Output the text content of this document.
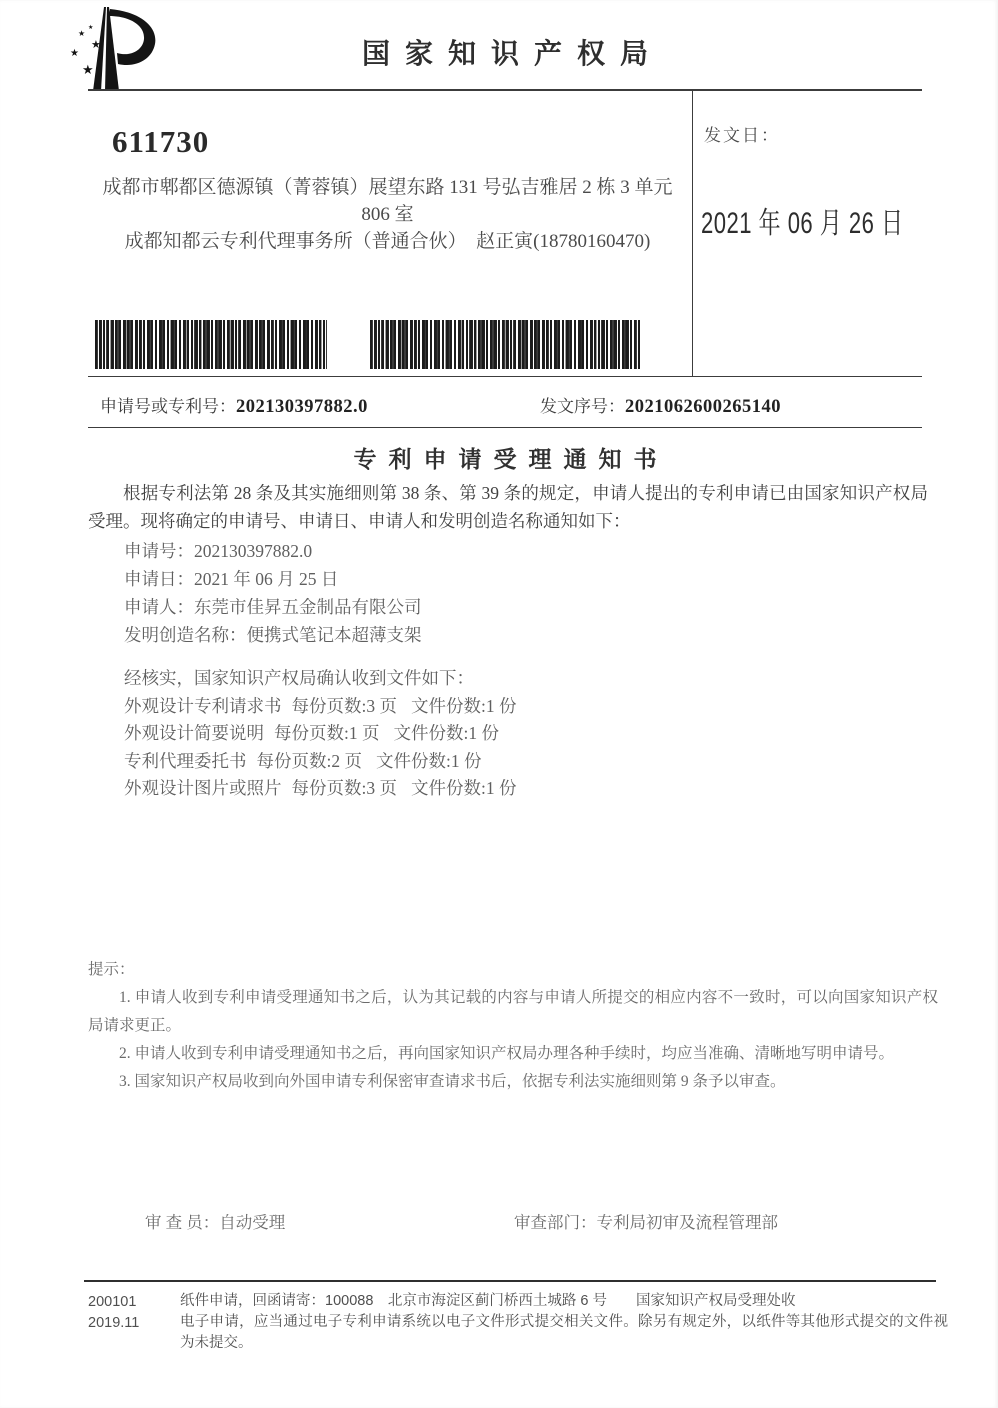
★
★
★
★
★	国家知识产权局
611730
成都市郫都区德源镇（菁蓉镇）展望东路 131 号弘吉雅居 2 栋 3 单元
806 室
成都知都云专利代理事务所（普通合伙）　赵正寅(18780160470)
发文日：
2021 年 06 月 26 日
申请号或专利号：202130397882.0	发文序号：2021062600265140
专利申请受理通知书
根据专利法第 28 条及其实施细则第 38 条、第 39 条的规定，申请人提出的专利申请已由国家知识产权局受理。现将确定的申请号、申请日、申请人和发明创造名称通知如下：
申请号：202130397882.0
申请日：2021 年 06 月 25 日
申请人：东莞市佳昇五金制品有限公司
发明创造名称：便携式笔记本超薄支架
经核实，国家知识产权局确认收到文件如下：
外观设计专利请求书 每份页数:3 页 文件份数:1 份
外观设计简要说明 每份页数:1 页 文件份数:1 份
专利代理委托书 每份页数:2 页 文件份数:1 份
外观设计图片或照片 每份页数:3 页 文件份数:1 份
提示：
1. 申请人收到专利申请受理通知书之后，认为其记载的内容与申请人所提交的相应内容不一致时，可以向国家知识产权局请求更正。
2. 申请人收到专利申请受理通知书之后，再向国家知识产权局办理各种手续时，均应当准确、清晰地写明申请号。
3. 国家知识产权局收到向外国申请专利保密审查请求书后，依据专利法实施细则第 9 条予以审查。
审 查 员：自动受理	审查部门：专利局初审及流程管理部
200101
2019.11
纸件申请，回函请寄：100088　北京市海淀区蓟门桥西土城路 6 号　　国家知识产权局受理处收
电子申请，应当通过电子专利申请系统以电子文件形式提交相关文件。除另有规定外，以纸件等其他形式提交的文件视为未提交。
